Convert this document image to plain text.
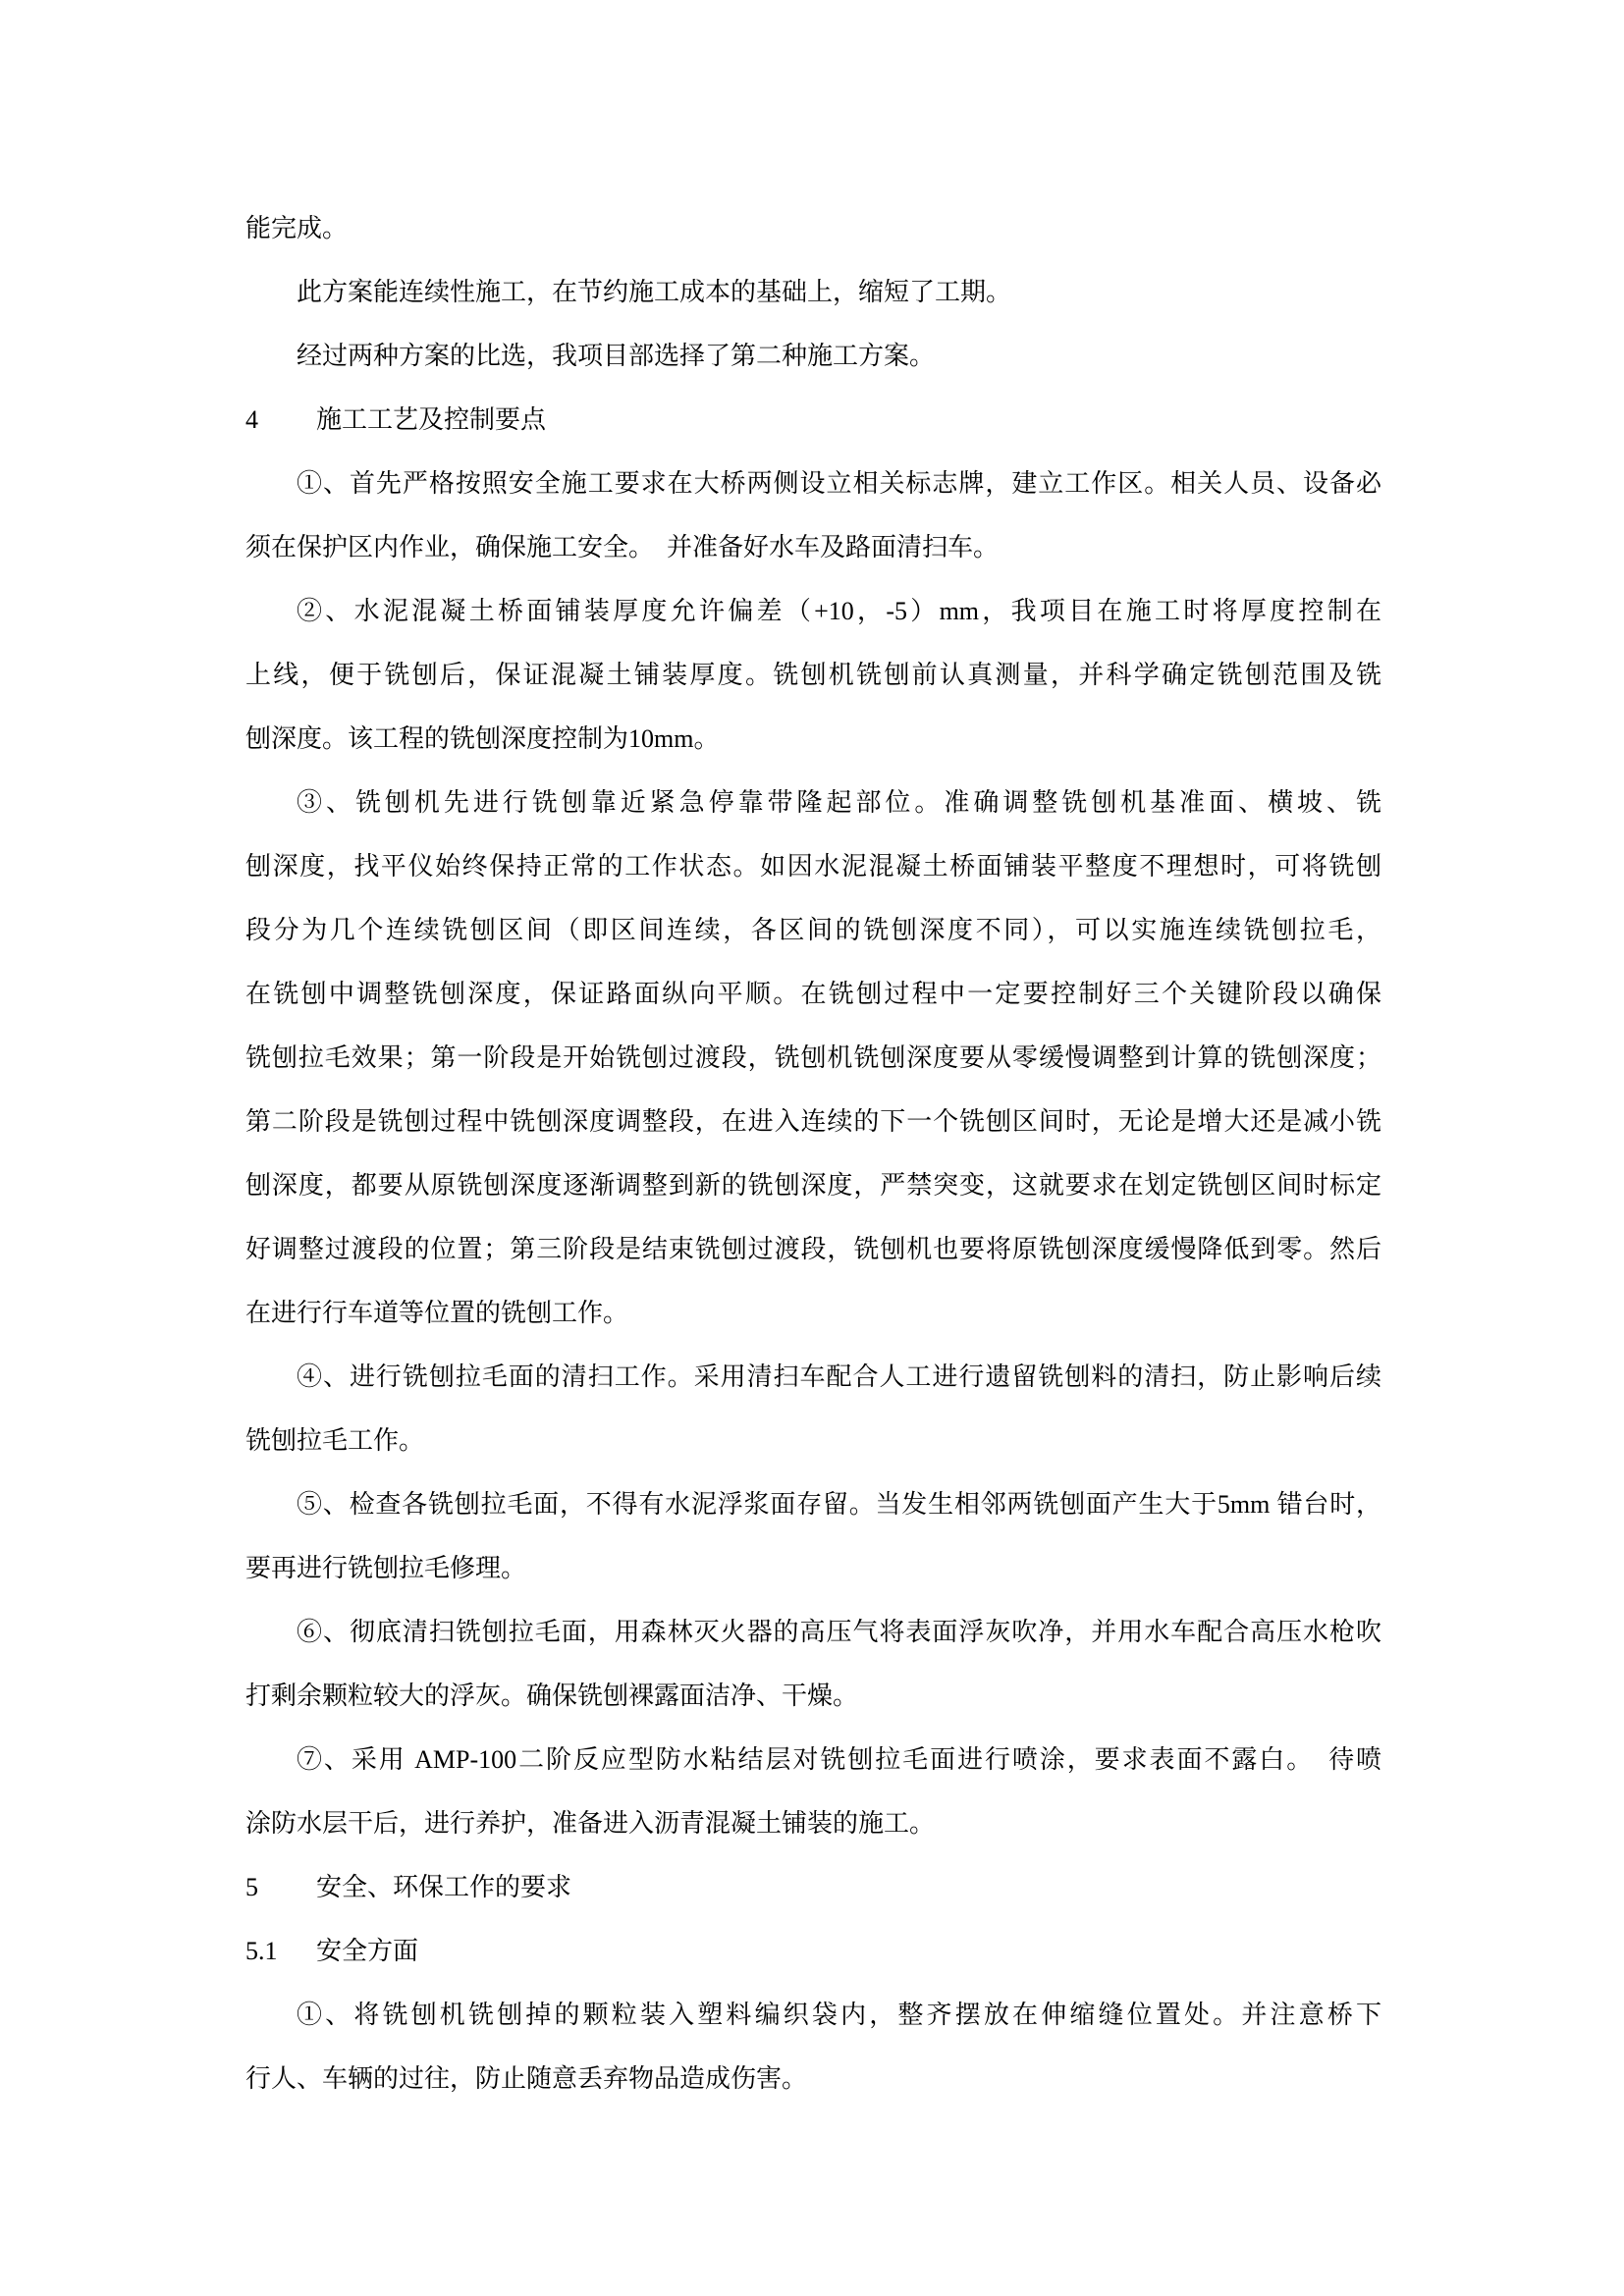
能完成。
此方案能连续性施工，在节约施工成本的基础上，缩短了工期。
经过两种方案的比选，我项目部选择了第二种施工方案。
4 施工工艺及控制要点
①、首先严格按照安全施工要求在大桥两侧设立相关标志牌，建立工作区。相关人员、设备必
须在保护区内作业，确保施工安全。　并准备好水车及路面清扫车。
②、水泥混凝土桥面铺装厚度允许偏差（+10，-5）mm，我项目在施工时将厚度控制在
上线，便于铣刨后，保证混凝土铺装厚度。铣刨机铣刨前认真测量，并科学确定铣刨范围及铣
刨深度。该工程的铣刨深度控制为10mm。
③、铣刨机先进行铣刨靠近紧急停靠带隆起部位。准确调整铣刨机基准面、横坡、铣
刨深度，找平仪始终保持正常的工作状态。如因水泥混凝土桥面铺装平整度不理想时，可将铣刨
段分为几个连续铣刨区间（即区间连续，各区间的铣刨深度不同），可以实施连续铣刨拉毛，
在铣刨中调整铣刨深度，保证路面纵向平顺。在铣刨过程中一定要控制好三个关键阶段以确保
铣刨拉毛效果；第一阶段是开始铣刨过渡段，铣刨机铣刨深度要从零缓慢调整到计算的铣刨深度；
第二阶段是铣刨过程中铣刨深度调整段，在进入连续的下一个铣刨区间时，无论是增大还是减小铣
刨深度，都要从原铣刨深度逐渐调整到新的铣刨深度，严禁突变，这就要求在划定铣刨区间时标定
好调整过渡段的位置；第三阶段是结束铣刨过渡段，铣刨机也要将原铣刨深度缓慢降低到零。然后
在进行行车道等位置的铣刨工作。
④、进行铣刨拉毛面的清扫工作。采用清扫车配合人工进行遗留铣刨料的清扫，防止影响后续
铣刨拉毛工作。
⑤、检查各铣刨拉毛面，不得有水泥浮浆面存留。当发生相邻两铣刨面产生大于5mm 错台时，
要再进行铣刨拉毛修理。
⑥、彻底清扫铣刨拉毛面，用森林灭火器的高压气将表面浮灰吹净，并用水车配合高压水枪吹
打剩余颗粒较大的浮灰。确保铣刨裸露面洁净、干燥。
⑦、采用 AMP-100二阶反应型防水粘结层对铣刨拉毛面进行喷涂，要求表面不露白。　待喷
涂防水层干后，进行养护，准备进入沥青混凝土铺装的施工。
5 安全、环保工作的要求
5.1 安全方面
①、将铣刨机铣刨掉的颗粒装入塑料编织袋内，整齐摆放在伸缩缝位置处。并注意桥下
行人、车辆的过往，防止随意丢弃物品造成伤害。
